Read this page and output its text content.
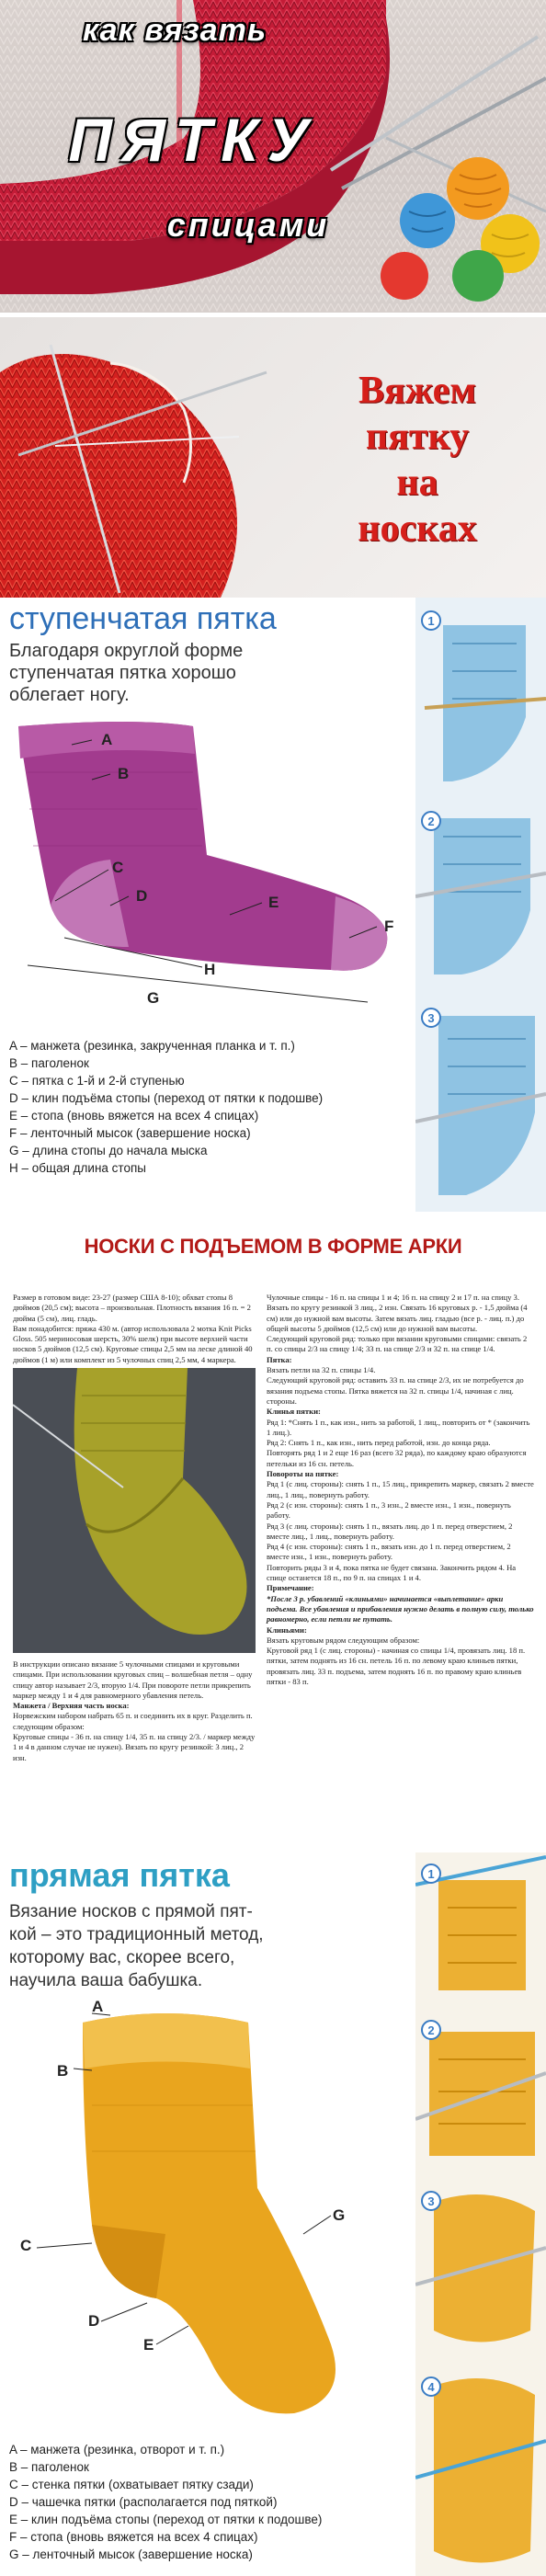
как вязать
ПЯТКУ
спицами
Вяжем
пятку
на
носках
ступенчатая пятка
Благодаря округлой форме
ступенчатая пятка хорошо
облегает ногу.
A
B
C
D	E
F
H
G
A – манжета (резинка, закрученная планка и т. п.)
B – паголенок
C – пятка с 1-й и 2-й ступенью
D – клин подъёма стопы (переход от пятки к подошве)
E – стопа (вновь вяжется на всех 4 спицах)
F – ленточный мысок (завершение носка)
G – длина стопы до начала мыска
H – общая длина стопы
1
2
3
НОСКИ С ПОДЪЕМОМ В ФОРМЕ АРКИ

Размер в готовом виде: 23-27 (размер США 8-10); обхват стопы 8 дюймов (20,5 см); высота – произвольная. Плотность вязания 16 п. = 2 дюйма (5 см), лиц. гладь.

Вам понадобится: пряжа 430 м. (автор использовала 2 мотка Knit Picks Gloss. 505 мериносовая шерсть, 30% шелк) при высоте верхней части носков 5 дюймов (12,5 см). Круговые спицы 2,5 мм на леске длиной 40 дюймов (1 м) или комплект из 5 чулочных спиц 2,5 мм, 4 маркера.

В инструкции описано вязание 5 чулочными спицами и круговыми спицами. При использовании круговых спиц – волшебная петля – одну спицу автор называет 2/3, вторую 1/4. При повороте петли прикрепить маркер между 1 и 4 для равномерного убавления петель.

Манжета / Верхняя часть носка:

Норвежским набором набрать 65 п. и соединить их в круг. Разделить п. следующим образом:

Круговые спицы - 36 п. на спицу 1/4, 35 п. на спицу 2/3. / маркер между 1 и 4 в данном случае не нужен). Вязать по кругу резинкой: 3 лиц., 2 изн.

Чулочные спицы - 16 п. на спицы 1 и 4; 16 п. на спицу 2 и 17 п. на спицу 3.

Вязать по кругу резинкой 3 лиц., 2 изн. Связать 16 круговых р. - 1,5 дюйма (4 см) или до нужной вам высоты. Затем вязать лиц. гладью (все р. - лиц. п.) до общей высоты 5 дюймов (12,5 см) или до нужной вам высоты.

Следующий круговой ряд: только при вязании круговыми спицами: связать 2 п. со спицы 2/3 на спицу 1/4; 33 п. на спице 2/3 и 32 п. на спице 1/4.

Пятка:

Вязать петли на 32 п. спицы 1/4.

Следующий круговой ряд: оставить 33 п. на спице 2/3, их не потребуется до вязания подъема стопы. Пятка вяжется на 32 п. спицы 1/4, начиная с лиц. стороны.

Клинья пятки:

Ряд 1: *Снять 1 п., как изн., нить за работой, 1 лиц., повторить от * (закончить 1 лиц.).

Ряд 2: Снять 1 п., как изн., нить перед работой, изн. до конца ряда.

Повторять ряд 1 и 2 еще 16 раз (всего 32 ряда), по каждому краю образуются петельки из 16 сн. петель.

Повороты на пятке:

Ряд 1 (с лиц. стороны): снять 1 п., 15 лиц., прикрепить маркер, связать 2 вместе лиц., 1 лиц., повернуть работу.

Ряд 2 (с изн. стороны): снять 1 п., 3 изн., 2 вместе изн., 1 изн., повернуть работу.

Ряд 3 (с лиц. стороны): снять 1 п., вязать лиц. до 1 п. перед отверстием, 2 вместе лиц., 1 лиц., повернуть работу.

Ряд 4 (с изн. стороны): снять 1 п., вязать изн. до 1 п. перед отверстием, 2 вместе изн., 1 изн., повернуть работу.

Повторить ряды 3 и 4, пока пятка не будет связана. Закончить рядом 4. На спице останется 18 п., по 9 п. на спицах 1 и 4.

Примечание:

*После 3 р. убавлений «клиньями» начинается «выплетание» арки подъема. Все убавления и прибавления нужно делать в полную силу, только равномерно, если петли не путать.

Клиньями:

Вязать круговым рядом следующим образом:

Круговой ряд 1 (с лиц. стороны) - начиная со спицы 1/4, провязать лиц. 18 п. пятки, затем поднять из 16 сн. петель 16 п. по левому краю клиньев пятки, провязать лиц. 33 п. подъема, затем поднять 16 п. по правому краю клиньев пятки - 83 п.

прямая пятка
Вязание носков с прямой пят-
кой – это традиционный метод,
которому вас, скорее всего,
научила ваша бабушка.
A
B
C
D
E
G
A – манжета (резинка, отворот и т. п.)
B – паголенок
C – стенка пятки (охватывает пятку сзади)
D – чашечка пятки (располагается под пяткой)
E – клин подъёма стопы (переход от пятки к подошве)
F – стопа (вновь вяжется на всех 4 спицах)
G – ленточный мысок (завершение носка)
1
2
3
4
